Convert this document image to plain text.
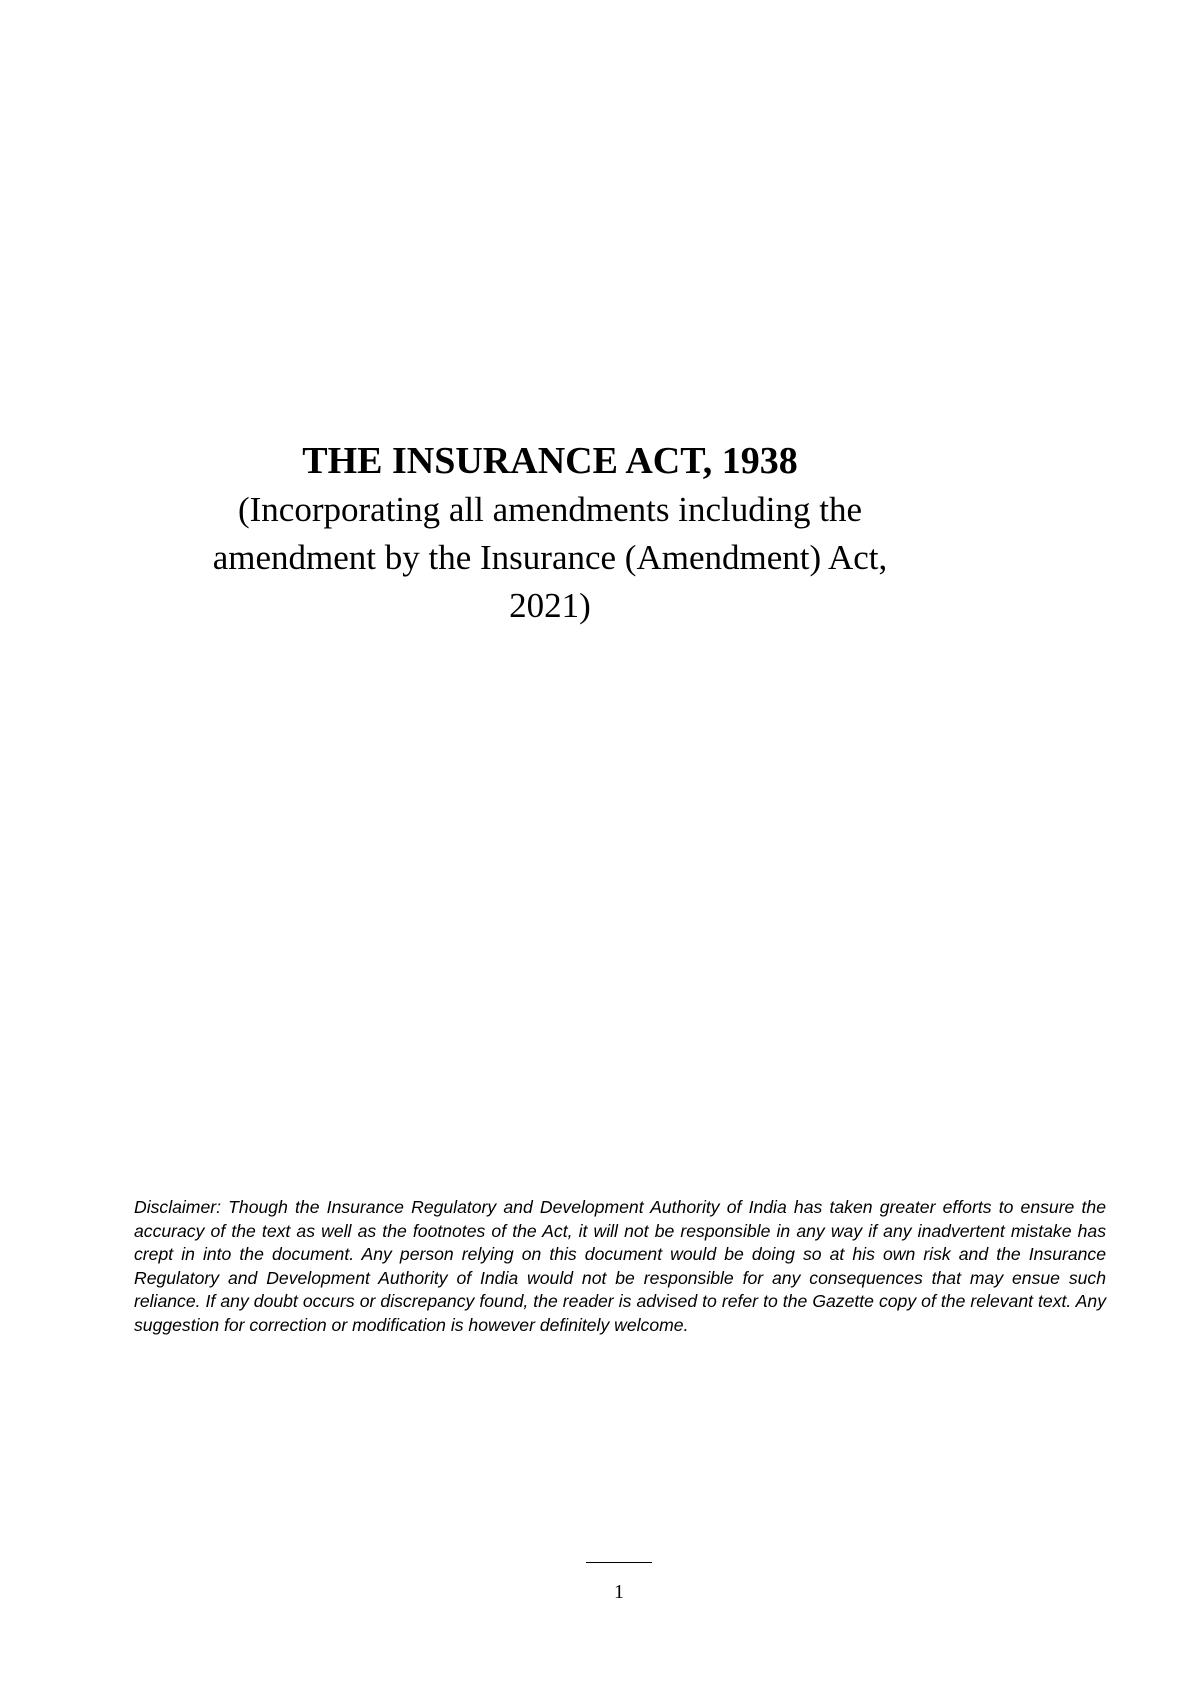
THE INSURANCE ACT, 1938

(Incorporating all amendments including the amendment by the Insurance (Amendment) Act, 2021)

Disclaimer: Though the Insurance Regulatory and Development Authority of India has taken greater efforts to ensure the accuracy of the text as well as the footnotes of the Act, it will not be responsible in any way if any inadvertent mistake has crept in into the document. Any person relying on this document would be doing so at his own risk and the Insurance Regulatory and Development Authority of India would not be responsible for any consequences that may ensue such reliance. If any doubt occurs or discrepancy found, the reader is advised to refer to the Gazette copy of the relevant text. Any suggestion for correction or modification is however definitely welcome.

1
